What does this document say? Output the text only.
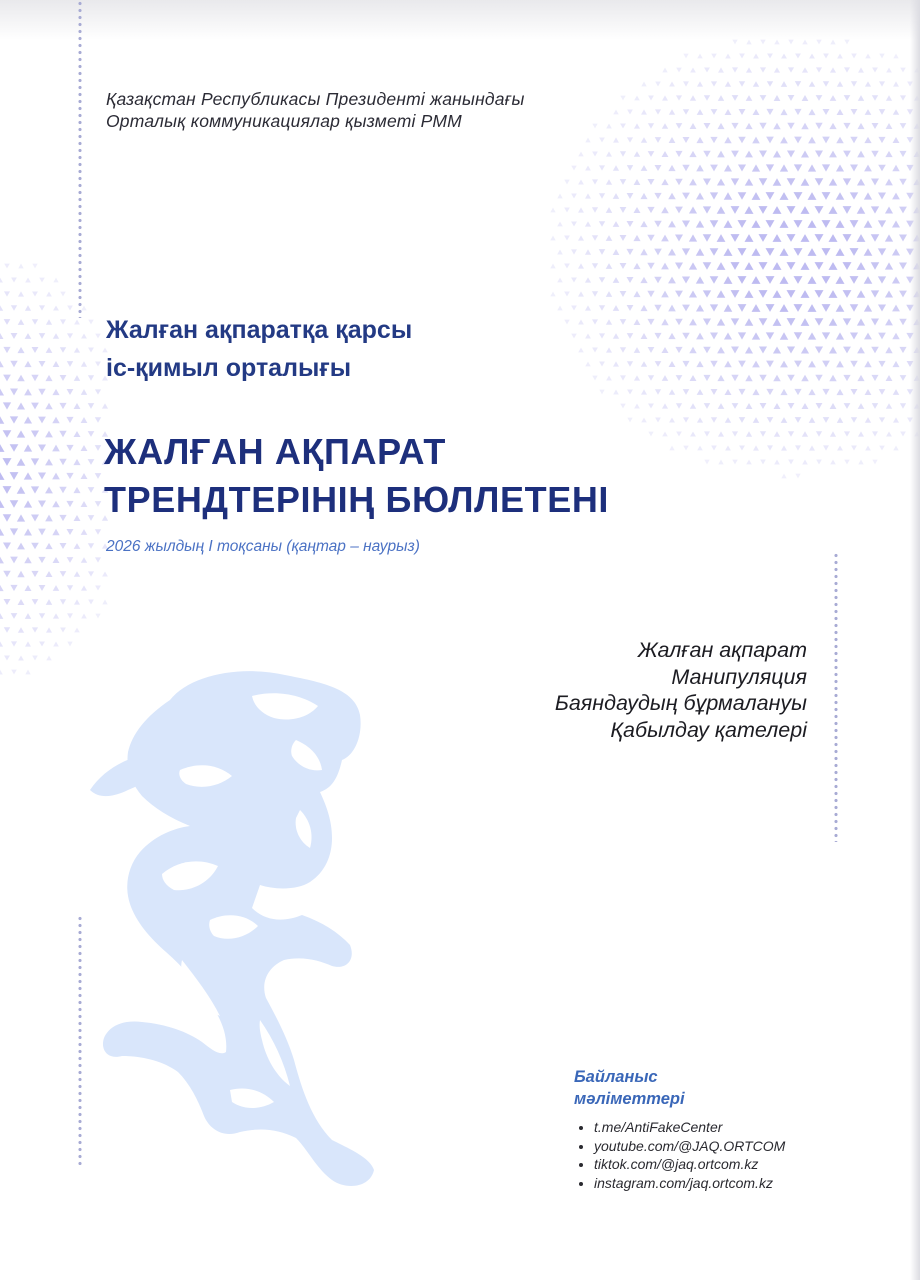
Қазақстан Республикасы Президенті жанындағы
Орталық коммуникациялар қызметі РММ
Жалған ақпаратқа қарсы
іс-қимыл орталығы
ЖАЛҒАН АҚПАРАТ
ТРЕНДТЕРІНІҢ БЮЛЛЕТЕНІ
2026 жылдың I тоқсаны (қаңтар – наурыз)
Жалған ақпарат
Манипуляция
Баяндаудың бұрмалануы
Қабылдау қателері
Байланыс
мәліметтері
• t.me/AntiFakeCenter
• youtube.com/@JAQ.ORTCOM
• tiktok.com/@jaq.ortcom.kz
• instagram.com/jaq.ortcom.kz
